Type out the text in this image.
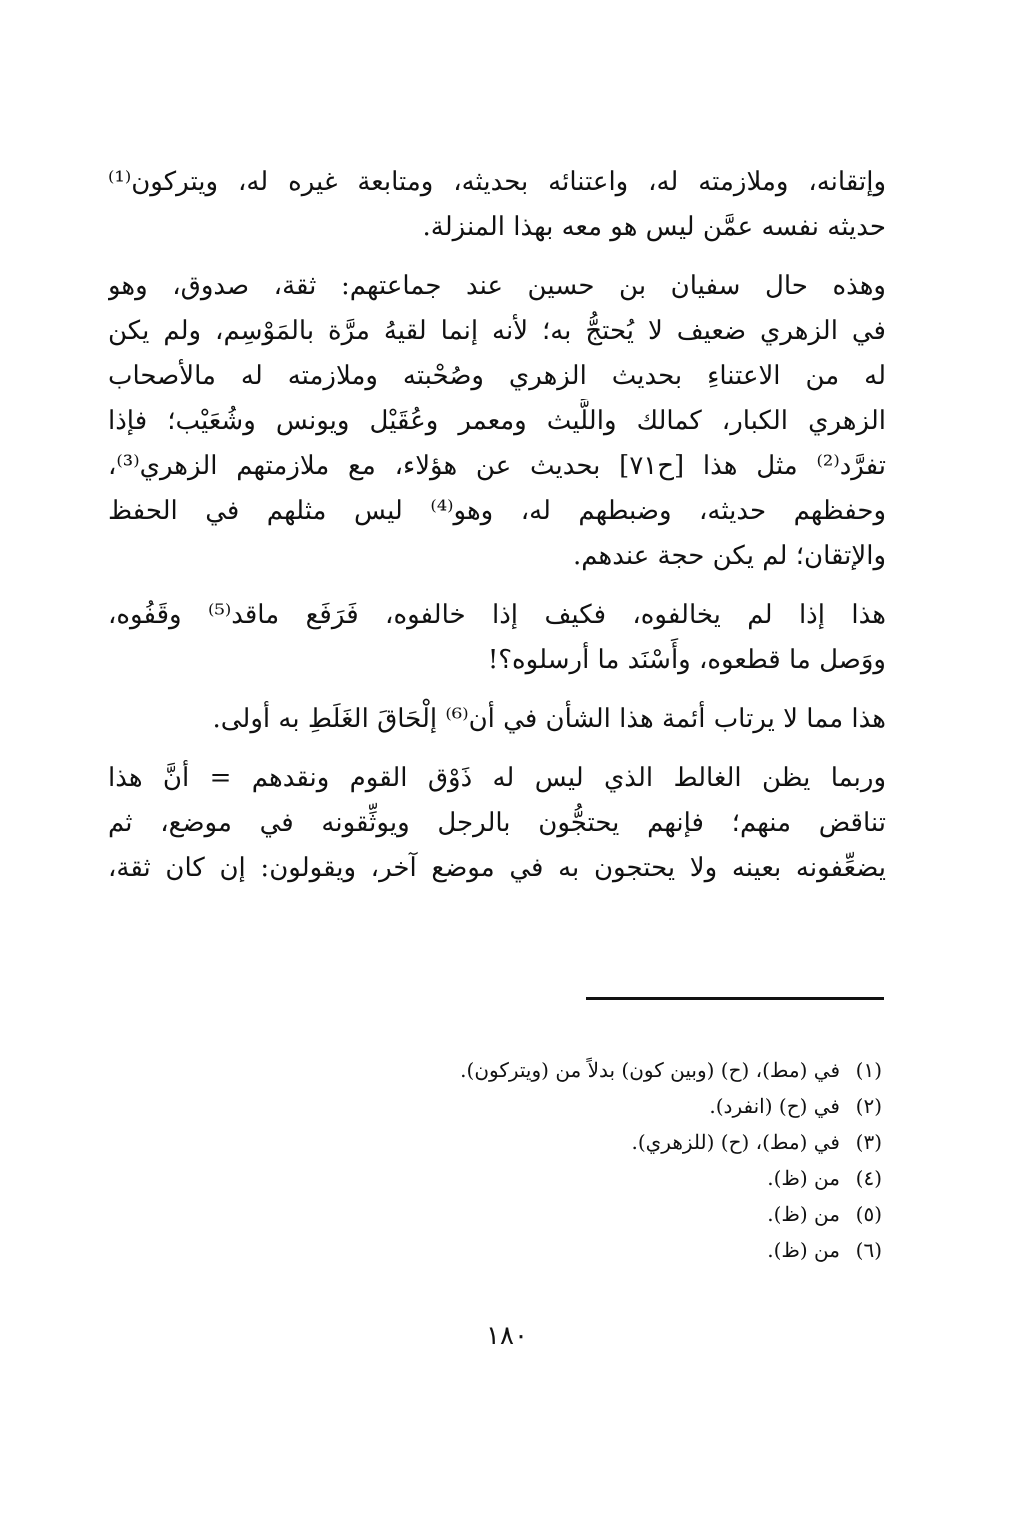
وإتقانه، وملازمته له، واعتنائه بحديثه، ومتابعة غيره له، ويتركون⁽¹⁾
حديثه نفسه عمَّن ليس هو معه بهذا المنزلة.

وهذه حال سفيان بن حسين عند جماعتهم: ثقة، صدوق، وهو
في الزهري ضعيف لا يُحتجُّ به؛ لأنه إنما لقيهُ مرَّة بالمَوْسِم، ولم يكن
له من الاعتناءِ بحديث الزهري وصُحْبته وملازمته له مالأصحاب
الزهري الكبار، كمالك واللَّيث ومعمر وعُقَيْل ويونس وشُعَيْب؛ فإذا
تفرَّد⁽²⁾ مثل هذا [ح٧١] بحديث عن هؤلاء، مع ملازمتهم الزهري⁽³⁾،
وحفظهم حديثه، وضبطهم له، وهو⁽⁴⁾ ليس مثلهم في الحفظ
والإتقان؛ لم يكن حجة عندهم.

هذا إذا لم يخالفوه، فكيف إذا خالفوه، فَرَفَع ماقد⁽⁵⁾ وقَفُوه،
ووَصل ما قطعوه، وأَسْنَد ما أرسلوه؟!

هذا مما لا يرتاب أئمة هذا الشأن في أن⁽⁶⁾ إلْحَاقَ الغَلَطِ به أولى.

وربما يظن الغالط الذي ليس له ذَوْق القوم ونقدهم = أنَّ هذا
تناقض منهم؛ فإنهم يحتجُّون بالرجل ويوثِّقونه في موضع، ثم
يضعِّفونه بعينه ولا يحتجون به في موضع آخر، ويقولون: إن كان ثقة،

(١)
في (مط)، (ح) (وبين كون) بدلاً من (ويتركون).
(٢)
في (ح) (انفرد).
(٣)
في (مط)، (ح) (للزهري).
(٤)
من (ظ).
(٥)
من (ظ).
(٦)
من (ظ).
١٨٠
